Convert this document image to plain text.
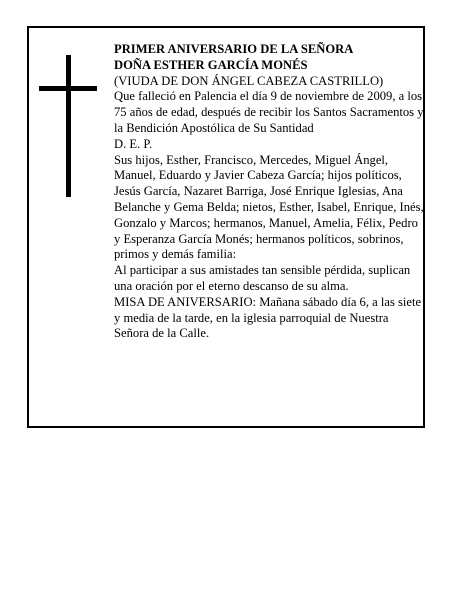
PRIMER ANIVERSARIO DE LA SEÑORA
DOÑA ESTHER GARCÍA MONÉS
(VIUDA DE DON ÁNGEL CABEZA CASTRILLO)
Que falleció en Palencia el día 9 de noviembre de 2009, a los 75 años de edad, después de recibir los Santos Sacramentos y la Bendición Apostólica de Su Santidad
D. E. P.
Sus hijos, Esther, Francisco, Mercedes, Miguel Ángel, Manuel, Eduardo y Javier Cabeza García; hijos políticos, Jesús García, Nazaret Barriga, José Enrique Iglesias, Ana Belanche y Gema Belda; nietos, Esther, Isabel, Enrique, Inés, Gonzalo y Marcos; hermanos, Manuel, Amelia, Félix, Pedro y Esperanza García Monés; hermanos políticos, sobrinos, primos y demás familia:
Al participar a sus amistades tan sensible pérdida, suplican una oración por el eterno descanso de su alma.
MISA DE ANIVERSARIO: Mañana sábado día 6, a las siete y media de la tarde, en la iglesia parroquial de Nuestra Señora de la Calle.
